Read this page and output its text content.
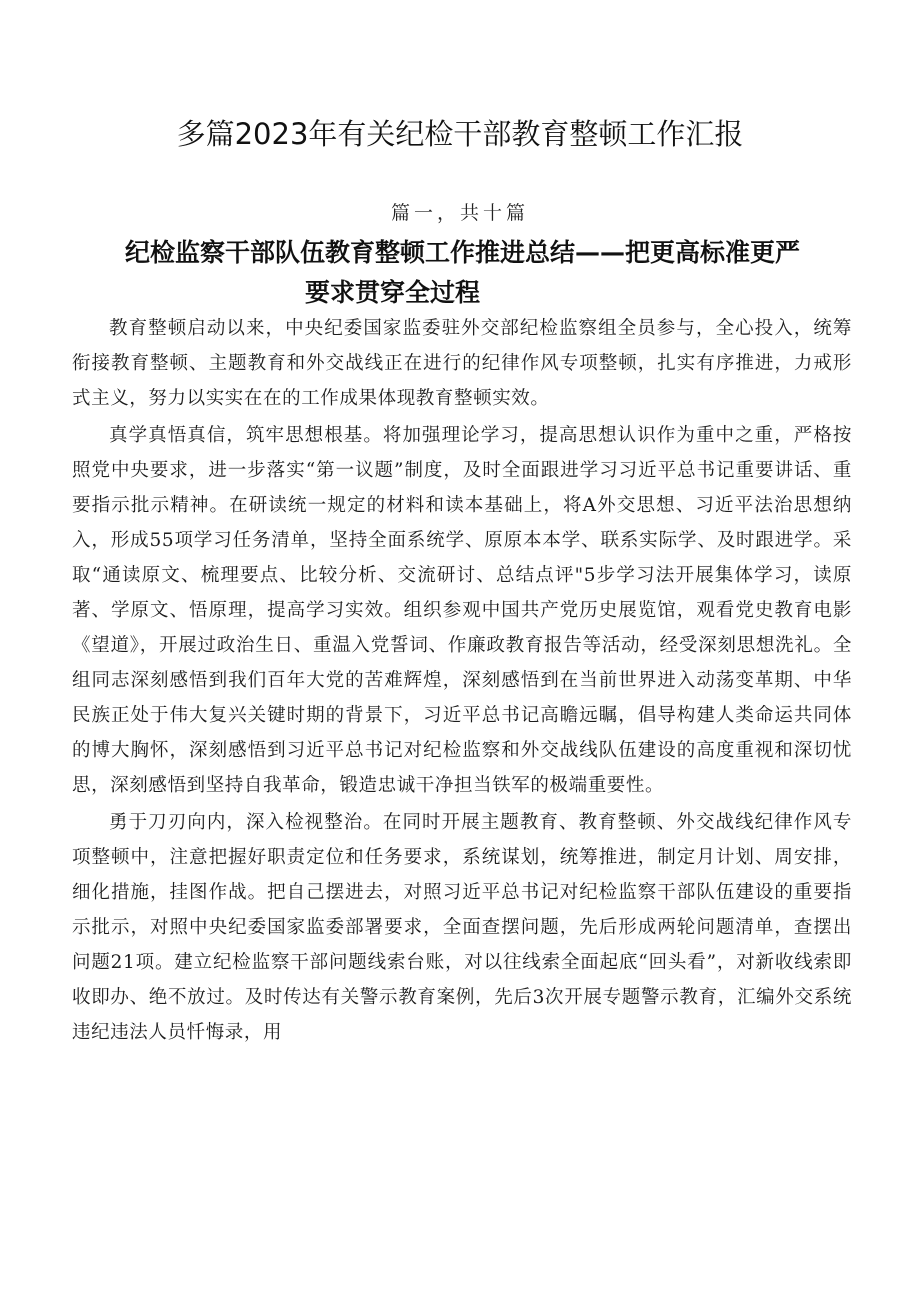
多篇2023年有关纪检干部教育整顿工作汇报

篇一，共十篇

纪检监察干部队伍教育整顿工作推进总结——把更高标准更严
要求贯穿全过程

教育整顿启动以来，中央纪委国家监委驻外交部纪检监察组全员参与，全心投入，统筹衔接教育整顿、主题教育和外交战线正在进行的纪律作风专项整顿，扎实有序推进，力戒形式主义，努力以实实在在的工作成果体现教育整顿实效。

真学真悟真信，筑牢思想根基。将加强理论学习，提高思想认识作为重中之重，严格按照党中央要求，进一步落实“第一议题”制度，及时全面跟进学习习近平总书记重要讲话、重要指示批示精神。在研读统一规定的材料和读本基础上，将A外交思想、习近平法治思想纳入，形成55项学习任务清单，坚持全面系统学、原原本本学、联系实际学、及时跟进学。采取“通读原文、梳理要点、比较分析、交流研讨、总结点评"5步学习法开展集体学习，读原著、学原文、悟原理，提高学习实效。组织参观中国共产党历史展览馆，观看党史教育电影《望道》，开展过政治生日、重温入党誓词、作廉政教育报告等活动，经受深刻思想洗礼。全组同志深刻感悟到我们百年大党的苦难辉煌，深刻感悟到在当前世界进入动荡变革期、中华民族正处于伟大复兴关键时期的背景下，习近平总书记高瞻远瞩，倡导构建人类命运共同体的博大胸怀，深刻感悟到习近平总书记对纪检监察和外交战线队伍建设的高度重视和深切忧思，深刻感悟到坚持自我革命，锻造忠诚干净担当铁军的极端重要性。

勇于刀刃向内，深入检视整治。在同时开展主题教育、教育整顿、外交战线纪律作风专项整顿中，注意把握好职责定位和任务要求，系统谋划，统筹推进，制定月计划、周安排，细化措施，挂图作战。把自己摆进去，对照习近平总书记对纪检监察干部队伍建设的重要指示批示，对照中央纪委国家监委部署要求，全面查摆问题，先后形成两轮问题清单，查摆出问题21项。建立纪检监察干部问题线索台账，对以往线索全面起底“回头看”，对新收线索即收即办、绝不放过。及时传达有关警示教育案例，先后3次开展专题警示教育，汇编外交系统违纪违法人员忏悔录，用
